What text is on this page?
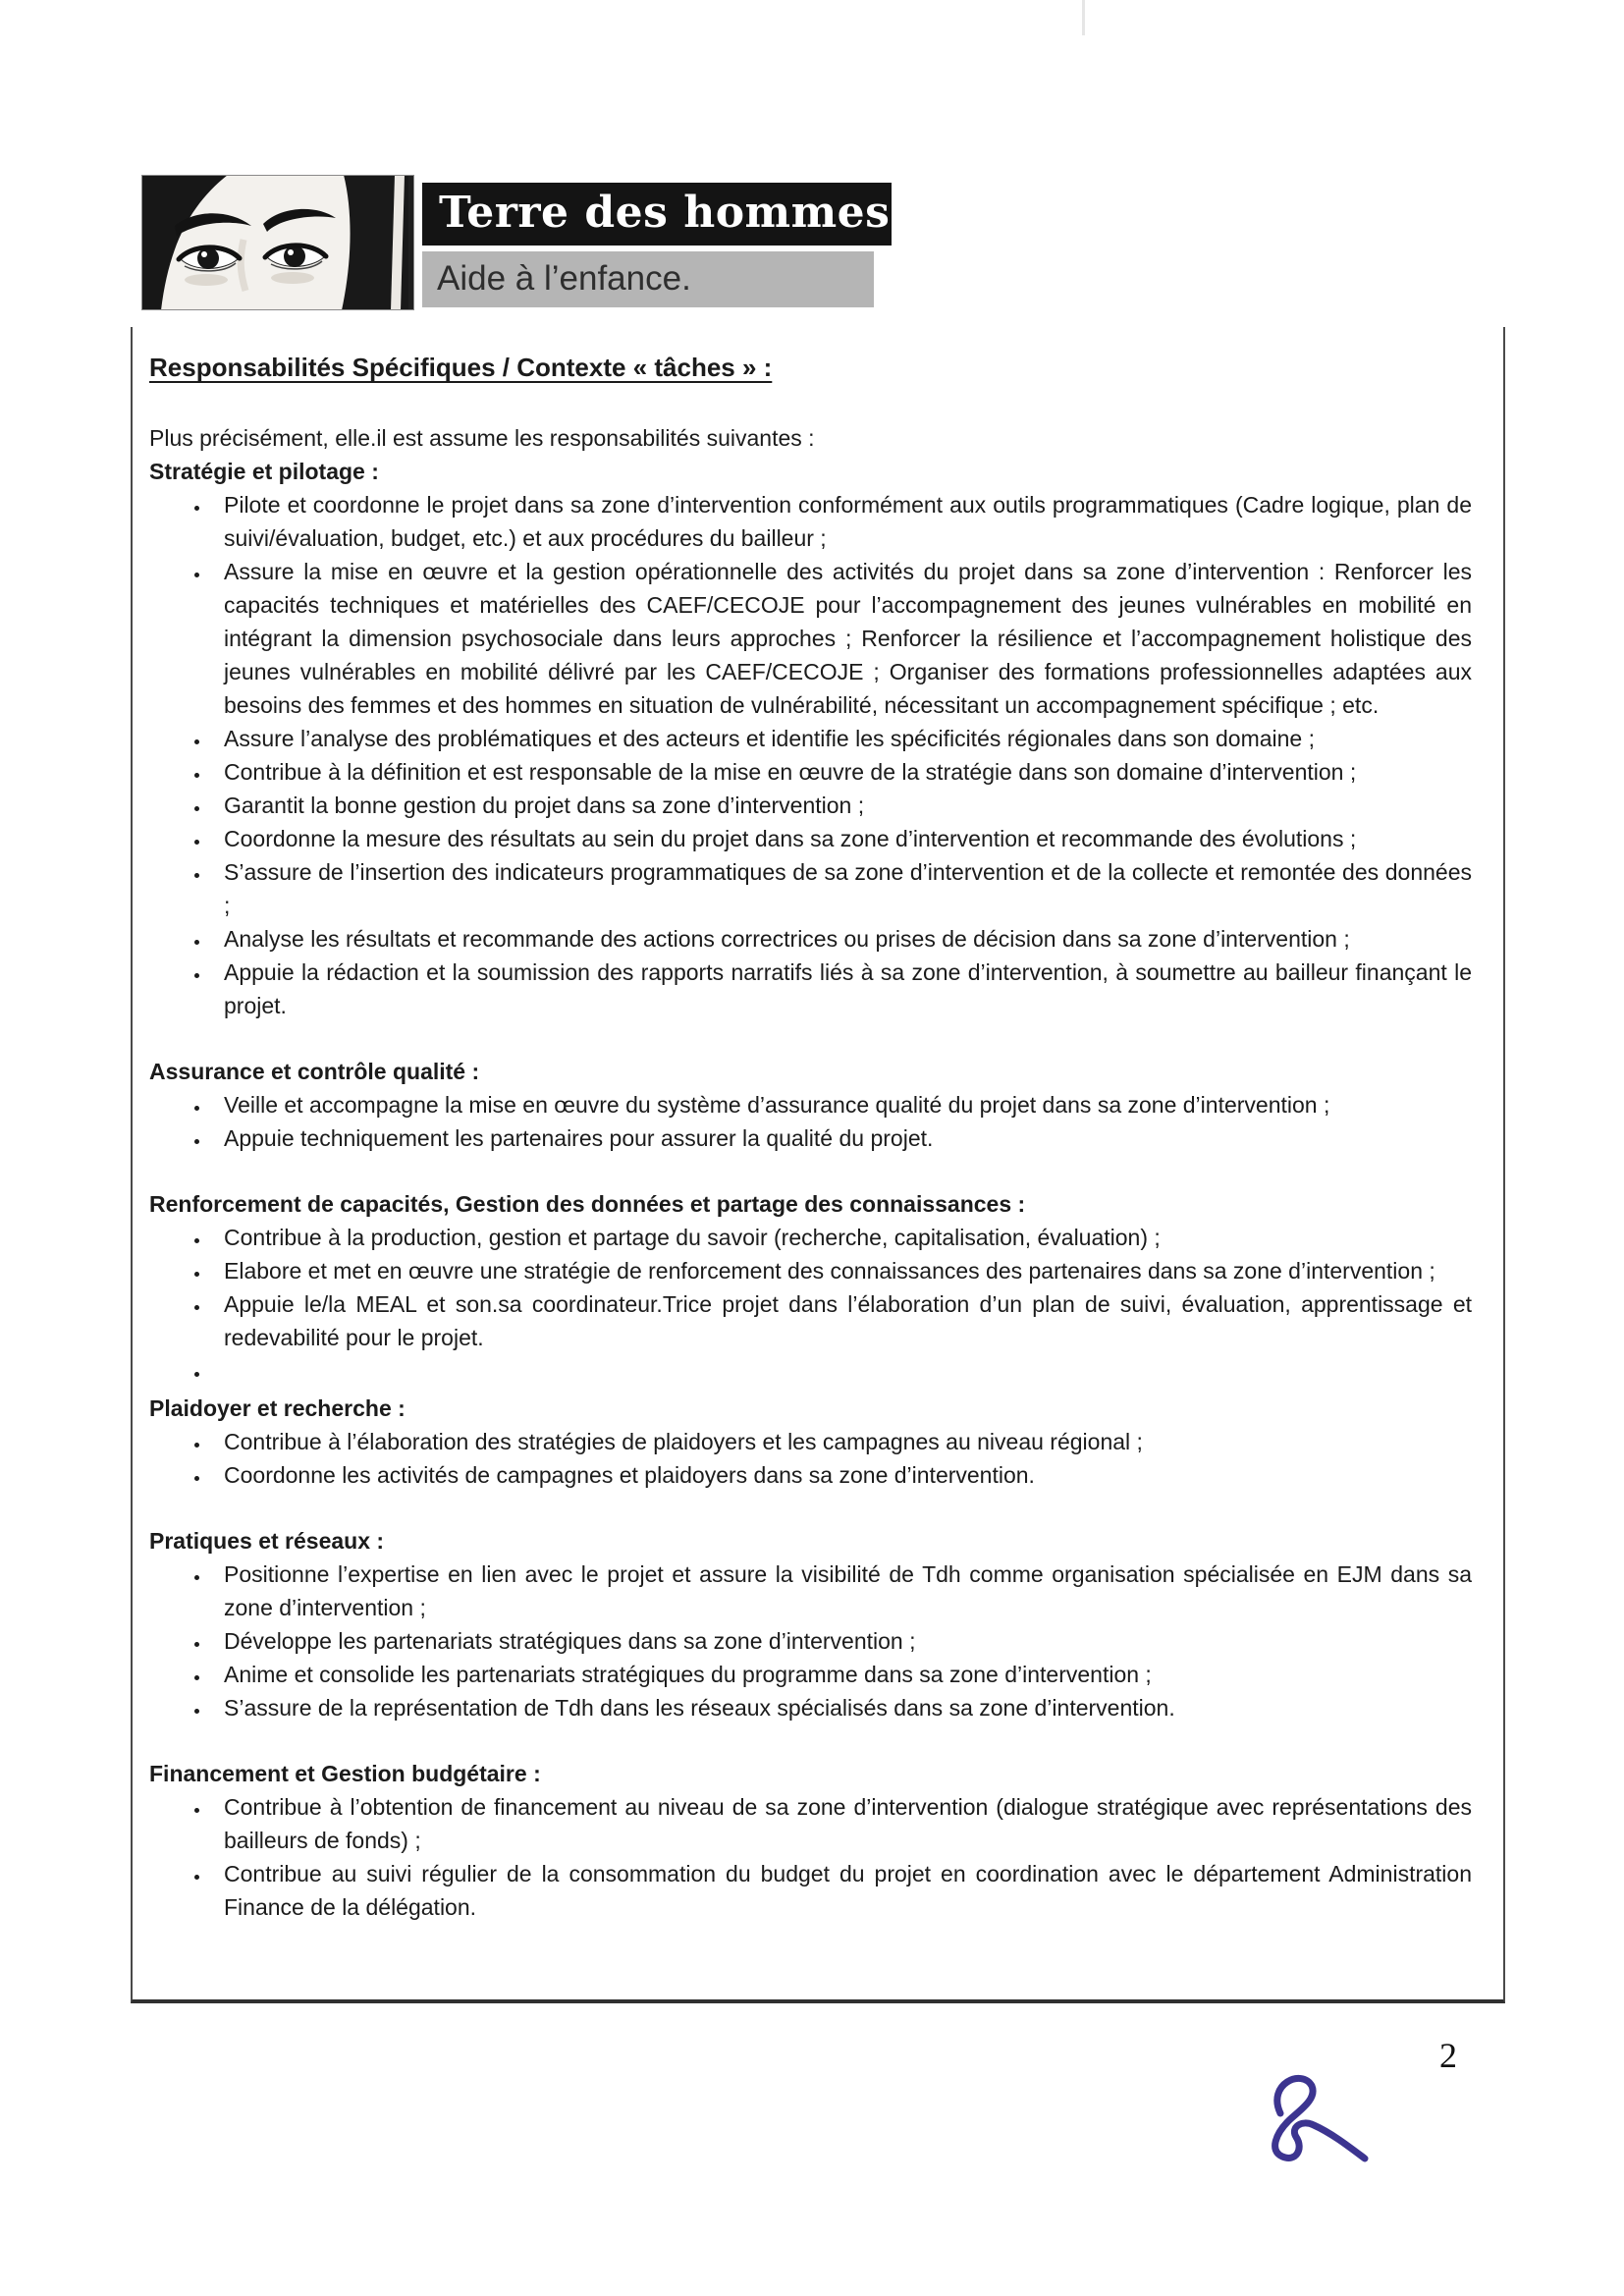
Terre des hommes
Aide à l’enfance.
Responsabilités Spécifiques / Contexte « tâches » :

Plus précisément, elle.il est assume les responsabilités suivantes :

Stratégie et pilotage :
• Pilote et coordonne le projet dans sa zone d’intervention conformément aux outils programmatiques (Cadre logique, plan de suivi/évaluation, budget, etc.) et aux procédures du bailleur ;
• Assure la mise en œuvre et la gestion opérationnelle des activités du projet dans sa zone d’intervention : Renforcer les capacités techniques et matérielles des CAEF/CECOJE pour l’accompagnement des jeunes vulnérables en mobilité en intégrant la dimension psychosociale dans leurs approches ; Renforcer la résilience et l’accompagnement holistique des jeunes vulnérables en mobilité délivré par les CAEF/CECOJE ; Organiser des formations professionnelles adaptées aux besoins des femmes et des hommes en situation de vulnérabilité, nécessitant un accompagnement spécifique ; etc.
• Assure l’analyse des problématiques et des acteurs et identifie les spécificités régionales dans son domaine ;
• Contribue à la définition et est responsable de la mise en œuvre de la stratégie dans son domaine d’intervention ;
• Garantit la bonne gestion du projet dans sa zone d’intervention ;
• Coordonne la mesure des résultats au sein du projet dans sa zone d’intervention et recommande des évolutions ;
• S’assure de l’insertion des indicateurs programmatiques de sa zone d’intervention et de la collecte et remontée des données ;
• Analyse les résultats et recommande des actions correctrices ou prises de décision dans sa zone d’intervention ;
• Appuie la rédaction et la soumission des rapports narratifs liés à sa zone d’intervention, à soumettre au bailleur finançant le projet.
Assurance et contrôle qualité :
• Veille et accompagne la mise en œuvre du système d’assurance qualité du projet dans sa zone d’intervention ;
• Appuie techniquement les partenaires pour assurer la qualité du projet.
Renforcement de capacités, Gestion des données et partage des connaissances :
• Contribue à la production, gestion et partage du savoir (recherche, capitalisation, évaluation) ;
• Elabore et met en œuvre une stratégie de renforcement des connaissances des partenaires dans sa zone d’intervention ;
• Appuie le/la MEAL et son.sa coordinateur.Trice projet dans l’élaboration d’un plan de suivi, évaluation, apprentissage et redevabilité pour le projet.
•
Plaidoyer et recherche :
• Contribue à l’élaboration des stratégies de plaidoyers et les campagnes au niveau régional ;
• Coordonne les activités de campagnes et plaidoyers dans sa zone d’intervention.
Pratiques et réseaux :
• Positionne l’expertise en lien avec le projet et assure la visibilité de Tdh comme organisation spécialisée en EJM dans sa zone d’intervention ;
• Développe les partenariats stratégiques dans sa zone d’intervention ;
• Anime et consolide les partenariats stratégiques du programme dans sa zone d’intervention ;
• S’assure de la représentation de Tdh dans les réseaux spécialisés dans sa zone d’intervention.
Financement et Gestion budgétaire :
• Contribue à l’obtention de financement au niveau de sa zone d’intervention (dialogue stratégique avec représentations des bailleurs de fonds) ;
• Contribue au suivi régulier de la consommation du budget du projet en coordination avec le département Administration Finance de la délégation.
2
